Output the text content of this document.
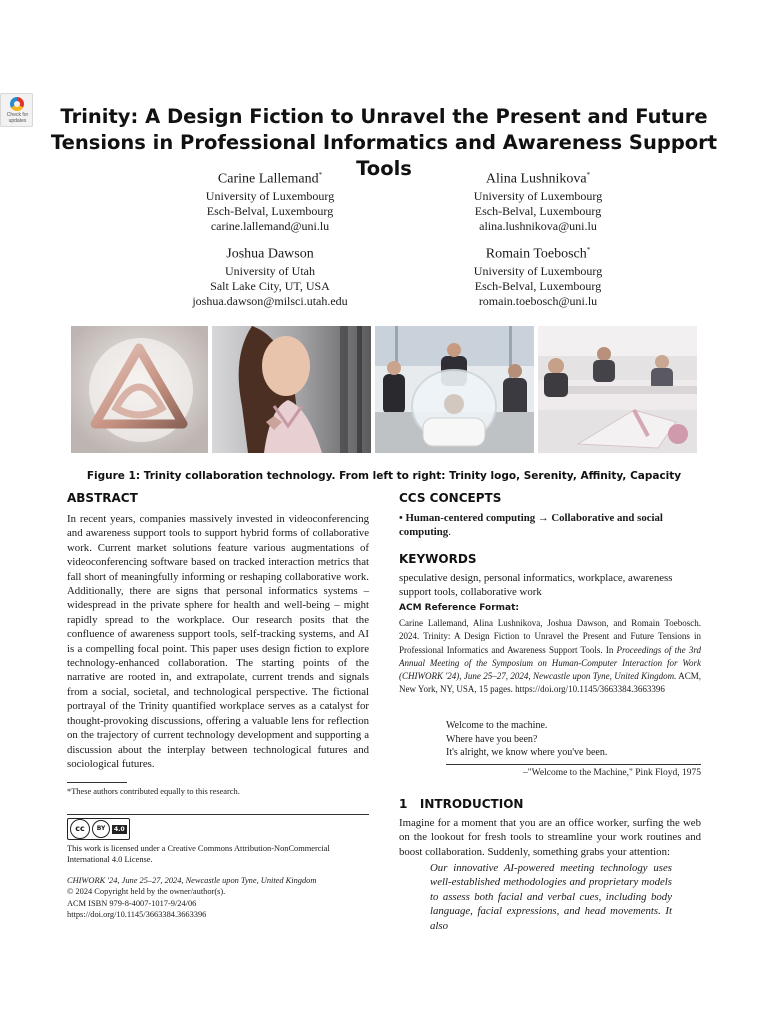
Check for updates	Trinity: A Design Fiction to Unravel the Present and Future Tensions in Professional Informatics and Awareness Support Tools
Carine Lallemand*
University of Luxembourg
Esch-Belval, Luxembourg
carine.lallemand@uni.lu
Alina Lushnikova*
University of Luxembourg
Esch-Belval, Luxembourg
alina.lushnikova@uni.lu
Joshua Dawson
University of Utah
Salt Lake City, UT, USA
joshua.dawson@milsci.utah.edu
Romain Toebosch*
University of Luxembourg
Esch-Belval, Luxembourg
romain.toebosch@uni.lu
Figure 1: Trinity collaboration technology. From left to right: Trinity logo, Serenity, Affinity, Capacity
ABSTRACT
In recent years, companies massively invested in videoconferencing and awareness support tools to support hybrid forms of collaborative work. Current market solutions feature various augmentations of videoconferencing software based on tracked interaction metrics that fall short of meaningfully informing or reshaping collaborative work. Additionally, there are signs that personal informatics systems – widespread in the private sphere for health and well-being – might rapidly spread to the workplace. Our research posits that the confluence of awareness support tools, self-tracking systems, and AI is a compelling focal point. This paper uses design fiction to explore technology-enhanced collaboration. The starting points of the narrative are rooted in, and extrapolate, current trends and signals from a social, societal, and technological perspective. The fictional portrayal of the Trinity quantified workplace serves as a catalyst for thought-provoking discussions, offering a valuable lens for reflection on the trajectory of current technology development and supporting a discussion about the interplay between technological futures and sociological futures.
*These authors contributed equally to this research.
cc	BY	4.0
This work is licensed under a Creative Commons Attribution-NonCommercial International 4.0 License.
CHIWORK '24, June 25–27, 2024, Newcastle upon Tyne, United Kingdom
© 2024 Copyright held by the owner/author(s).
ACM ISBN 979-8-4007-1017-9/24/06
https://doi.org/10.1145/3663384.3663396
CCS CONCEPTS
• Human-centered computing → Collaborative and social computing.
KEYWORDS
speculative design, personal informatics, workplace, awareness support tools, collaborative work
ACM Reference Format:
Carine Lallemand, Alina Lushnikova, Joshua Dawson, and Romain Toebosch. 2024. Trinity: A Design Fiction to Unravel the Present and Future Tensions in Professional Informatics and Awareness Support Tools. In Proceedings of the 3rd Annual Meeting of the Symposium on Human-Computer Interaction for Work (CHIWORK '24), June 25–27, 2024, Newcastle upon Tyne, United Kingdom. ACM, New York, NY, USA, 15 pages. https://doi.org/10.1145/3663384.3663396
Welcome to the machine.
Where have you been?
It's alright, we know where you've been.
–"Welcome to the Machine," Pink Floyd, 1975
1 INTRODUCTION
Imagine for a moment that you are an office worker, surfing the web on the lookout for fresh tools to streamline your work routines and boost collaboration. Suddenly, something grabs your attention:
Our innovative AI-powered meeting technology uses well-established methodologies and proprietary models to assess both facial and verbal cues, including body language, facial expressions, and head movements. It also
